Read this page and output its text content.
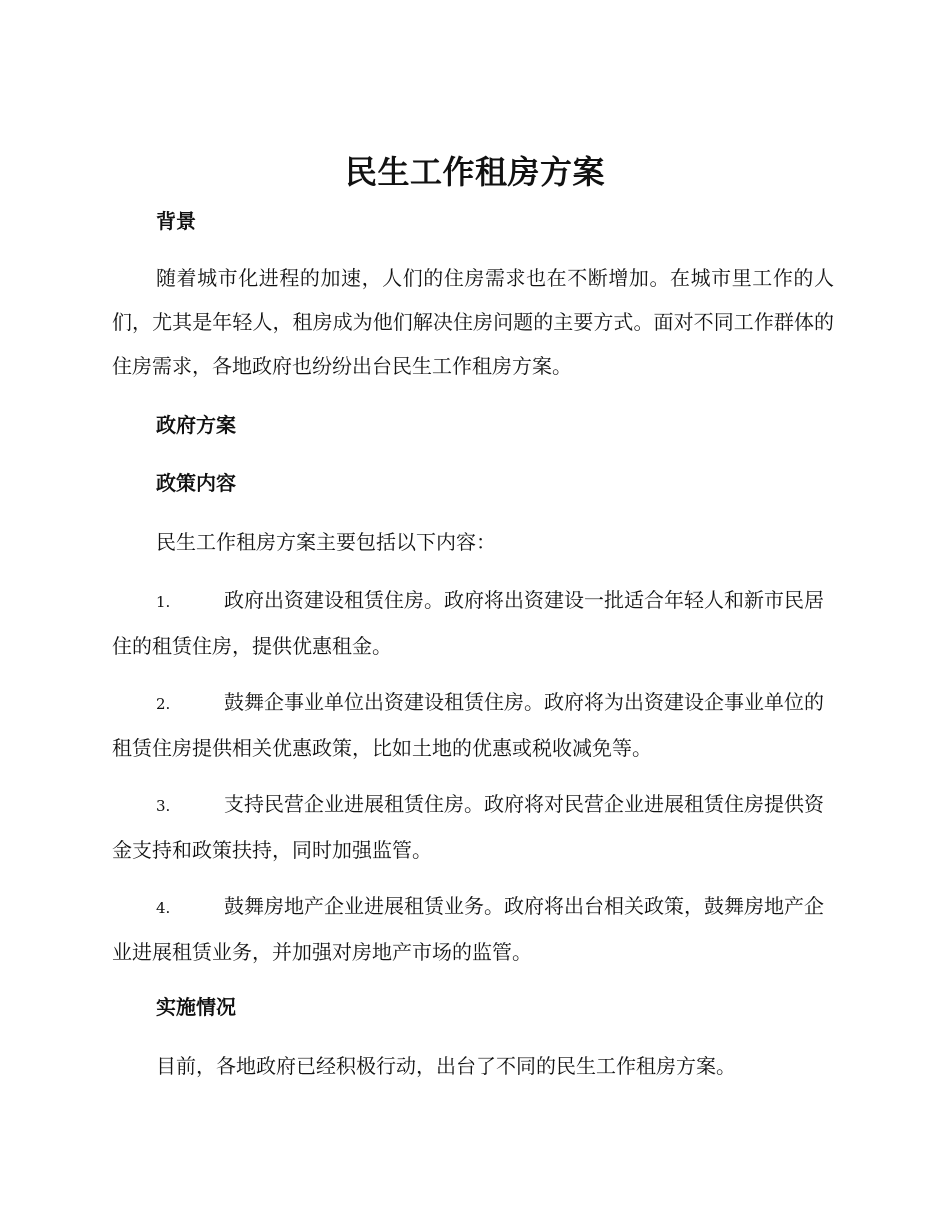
民生工作租房方案
背景
随着城市化进程的加速，人们的住房需求也在不断增加。在城市里工作的人们，尤其是年轻人，租房成为他们解决住房问题的主要方式。面对不同工作群体的住房需求，各地政府也纷纷出台民生工作租房方案。
政府方案
政策内容
民生工作租房方案主要包括以下内容：
1.	政府出资建设租赁住房。政府将出资建设一批适合年轻人和新市民居住的租赁住房，提供优惠租金。
2.	鼓舞企事业单位出资建设租赁住房。政府将为出资建设企事业单位的租赁住房提供相关优惠政策，比如土地的优惠或税收减免等。
3.	支持民营企业进展租赁住房。政府将对民营企业进展租赁住房提供资金支持和政策扶持，同时加强监管。
4.	鼓舞房地产企业进展租赁业务。政府将出台相关政策，鼓舞房地产企业进展租赁业务，并加强对房地产市场的监管。
实施情况
目前，各地政府已经积极行动，出台了不同的民生工作租房方案。
